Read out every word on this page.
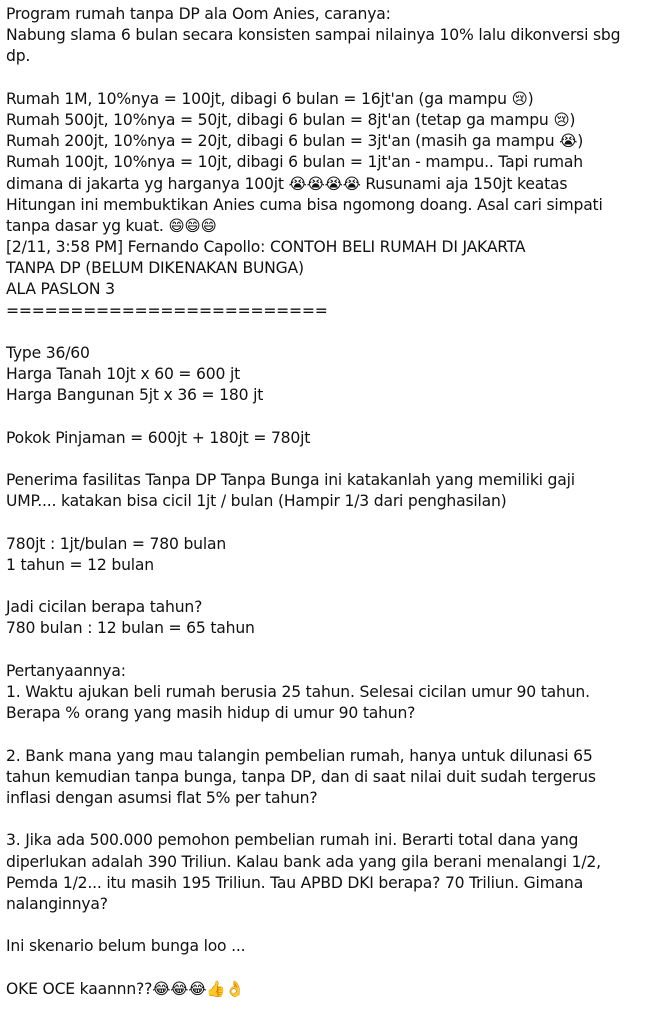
Program rumah tanpa DP ala Oom Anies, caranya:
Nabung slama 6 bulan secara konsisten sampai nilainya 10% lalu dikonversi sbg
dp.
Rumah 1M, 10%nya = 100jt, dibagi 6 bulan = 16jt'an (ga mampu 😢)
Rumah 500jt, 10%nya = 50jt, dibagi 6 bulan = 8jt'an (tetap ga mampu 😢)
Rumah 200jt, 10%nya = 20jt, dibagi 6 bulan = 3jt'an (masih ga mampu 😭)
Rumah 100jt, 10%nya = 10jt, dibagi 6 bulan = 1jt'an - mampu.. Tapi rumah
dimana di jakarta yg harganya 100jt 😭😭😭😭 Rusunami aja 150jt keatas
Hitungan ini membuktikan Anies cuma bisa ngomong doang. Asal cari simpati
tanpa dasar yg kuat. 😄😄😄
[2/11, 3:58 PM] Fernando Capollo: CONTOH BELI RUMAH DI JAKARTA
TANPA DP (BELUM DIKENAKAN BUNGA)
ALA PASLON 3
=========================
Type 36/60
Harga Tanah 10jt x 60 = 600 jt
Harga Bangunan 5jt x 36 = 180 jt
Pokok Pinjaman = 600jt + 180jt = 780jt
Penerima fasilitas Tanpa DP Tanpa Bunga ini katakanlah yang memiliki gaji
UMP.... katakan bisa cicil 1jt / bulan (Hampir 1/3 dari penghasilan)
780jt : 1jt/bulan = 780 bulan
1 tahun = 12 bulan
Jadi cicilan berapa tahun?
780 bulan : 12 bulan = 65 tahun
Pertanyaannya:
1. Waktu ajukan beli rumah berusia 25 tahun. Selesai cicilan umur 90 tahun.
Berapa % orang yang masih hidup di umur 90 tahun?
2. Bank mana yang mau talangin pembelian rumah, hanya untuk dilunasi 65
tahun kemudian tanpa bunga, tanpa DP, dan di saat nilai duit sudah tergerus
inflasi dengan asumsi flat 5% per tahun?
3. Jika ada 500.000 pemohon pembelian rumah ini. Berarti total dana yang
diperlukan adalah 390 Triliun. Kalau bank ada yang gila berani menalangi 1/2,
Pemda 1/2... itu masih 195 Triliun. Tau APBD DKI berapa? 70 Triliun. Gimana
nalanginnya?
Ini skenario belum bunga loo ...
OKE OCE kaannn??😂😂😂👍👌
